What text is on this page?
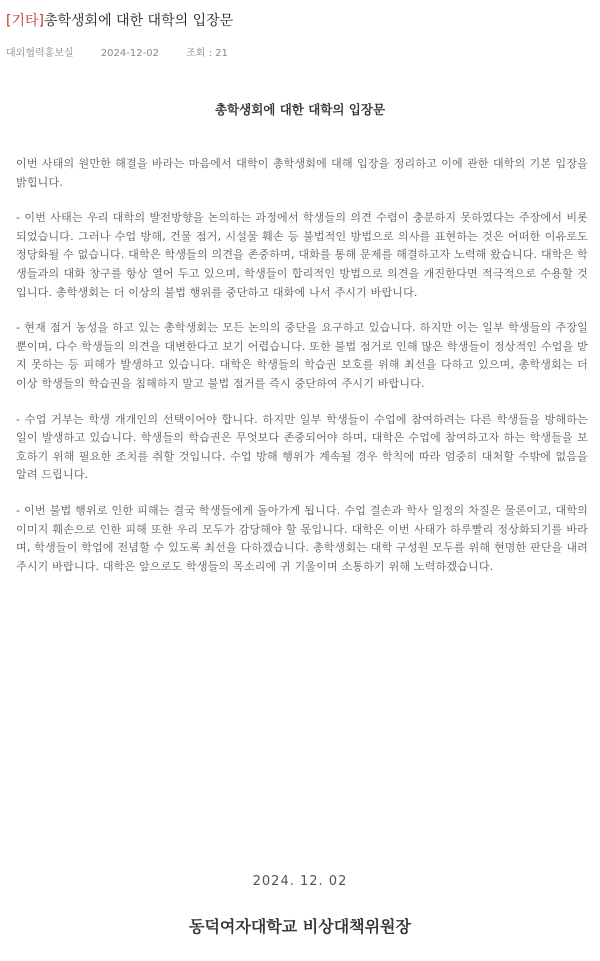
[기타]총학생회에 대한 대학의 입장문
대외협력홍보실	2024-12-02	조회 : 21
총학생회에 대한 대학의 입장문

이번 사태의 원만한 해결을 바라는 마음에서 대학이 총학생회에 대해 입장을 정리하고 이에 관한 대학의 기본 입장을 밝힙니다.

- 이번 사태는 우리 대학의 발전방향을 논의하는 과정에서 학생들의 의견 수렴이 충분하지 못하였다는 주장에서 비롯되었습니다. 그러나 수업 방해, 건물 점거, 시설물 훼손 등 불법적인 방법으로 의사를 표현하는 것은 어떠한 이유로도 정당화될 수 없습니다. 대학은 학생들의 의견을 존중하며, 대화를 통해 문제를 해결하고자 노력해 왔습니다. 대학은 학생들과의 대화 창구를 항상 열어 두고 있으며, 학생들이 합리적인 방법으로 의견을 개진한다면 적극적으로 수용할 것입니다. 총학생회는 더 이상의 불법 행위를 중단하고 대화에 나서 주시기 바랍니다.

- 현재 점거 농성을 하고 있는 총학생회는 모든 논의의 중단을 요구하고 있습니다. 하지만 이는 일부 학생들의 주장일 뿐이며, 다수 학생들의 의견을 대변한다고 보기 어렵습니다. 또한 불법 점거로 인해 많은 학생들이 정상적인 수업을 받지 못하는 등 피해가 발생하고 있습니다. 대학은 학생들의 학습권 보호를 위해 최선을 다하고 있으며, 총학생회는 더 이상 학생들의 학습권을 침해하지 말고 불법 점거를 즉시 중단하여 주시기 바랍니다.

- 수업 거부는 학생 개개인의 선택이어야 합니다. 하지만 일부 학생들이 수업에 참여하려는 다른 학생들을 방해하는 일이 발생하고 있습니다. 학생들의 학습권은 무엇보다 존중되어야 하며, 대학은 수업에 참여하고자 하는 학생들을 보호하기 위해 필요한 조치를 취할 것입니다. 수업 방해 행위가 계속될 경우 학칙에 따라 엄중히 대처할 수밖에 없음을 알려 드립니다.

- 이번 불법 행위로 인한 피해는 결국 학생들에게 돌아가게 됩니다. 수업 결손과 학사 일정의 차질은 물론이고, 대학의 이미지 훼손으로 인한 피해 또한 우리 모두가 감당해야 할 몫입니다. 대학은 이번 사태가 하루빨리 정상화되기를 바라며, 학생들이 학업에 전념할 수 있도록 최선을 다하겠습니다. 총학생회는 대학 구성원 모두를 위해 현명한 판단을 내려 주시기 바랍니다. 대학은 앞으로도 학생들의 목소리에 귀 기울이며 소통하기 위해 노력하겠습니다.

2024. 12. 02
동덕여자대학교 비상대책위원장
